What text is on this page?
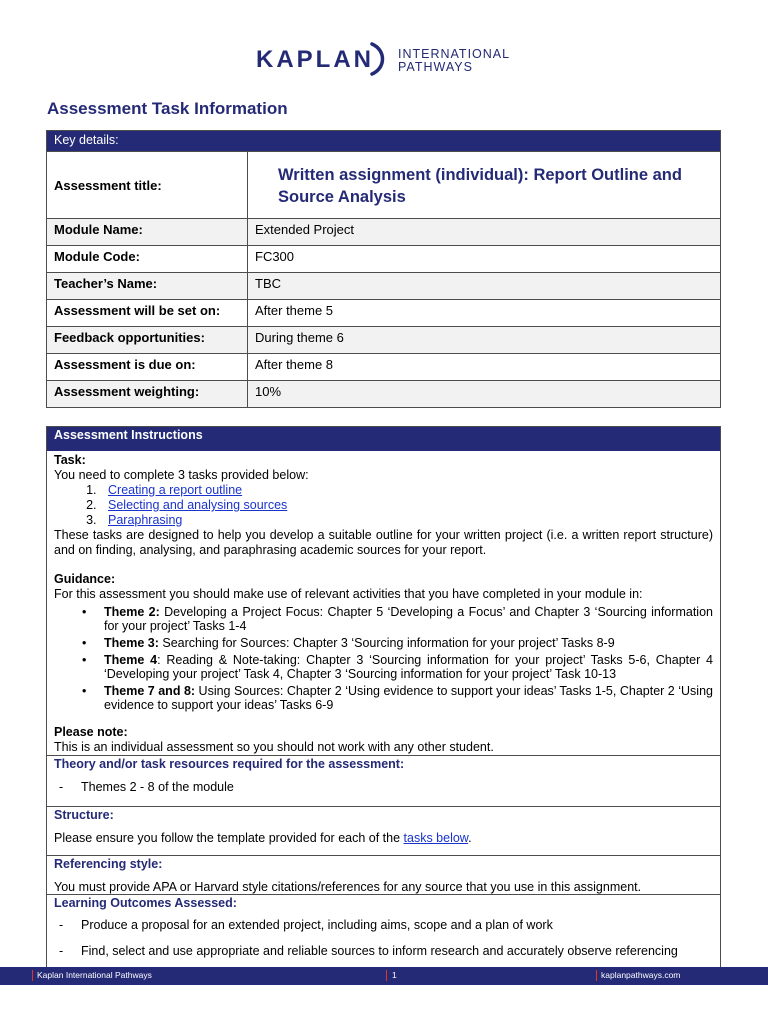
KAPLAN INTERNATIONAL
PATHWAYS
Assessment Task Information
Key details:	
Assessment title:	Written assignment (individual): Report Outline and Source Analysis
Module Name:	Extended Project
Module Code:	FC300
Teacher’s Name:	TBC
Assessment will be set on:	After theme 5
Feedback opportunities:	During theme 6
Assessment is due on:	After theme 8
Assessment weighting:	10%
Assessment Instructions

Task:

You need to complete 3 tasks provided below:

1. Creating a report outline
2. Selecting and analysing sources
3. Paraphrasing

These tasks are designed to help you develop a suitable outline for your written project (i.e. a written report structure) and on finding, analysing, and paraphrasing academic sources for your report.

Guidance:

For this assessment you should make use of relevant activities that you have completed in your module in:

• Theme 2: Developing a Project Focus: Chapter 5 ‘Developing a Focus’ and Chapter 3 ‘Sourcing information for your project’ Tasks 1-4
• Theme 3: Searching for Sources: Chapter 3 ‘Sourcing information for your project’ Tasks 8-9
• Theme 4: Reading & Note-taking: Chapter 3 ‘Sourcing information for your project’ Tasks 5-6, Chapter 4 ‘Developing your project’ Task 4, Chapter 3 ‘Sourcing information for your project’ Task 10-13
• Theme 7 and 8: Using Sources: Chapter 2 ‘Using evidence to support your ideas’ Tasks 1-5, Chapter 2 ‘Using evidence to support your ideas’ Tasks 6-9

Please note:

This is an individual assessment so you should not work with any other student.

Theory and/or task resources required for the assessment:

- Themes 2 - 8 of the module

Structure:

Please ensure you follow the template provided for each of the tasks below.

Referencing style:

You must provide APA or Harvard style citations/references for any source that you use in this assignment.

Learning Outcomes Assessed:

- Produce a proposal for an extended project, including aims, scope and a plan of work

- Find, select and use appropriate and reliable sources to inform research and accurately observe referencing

Kaplan International Pathways	1	kaplanpathways.com
